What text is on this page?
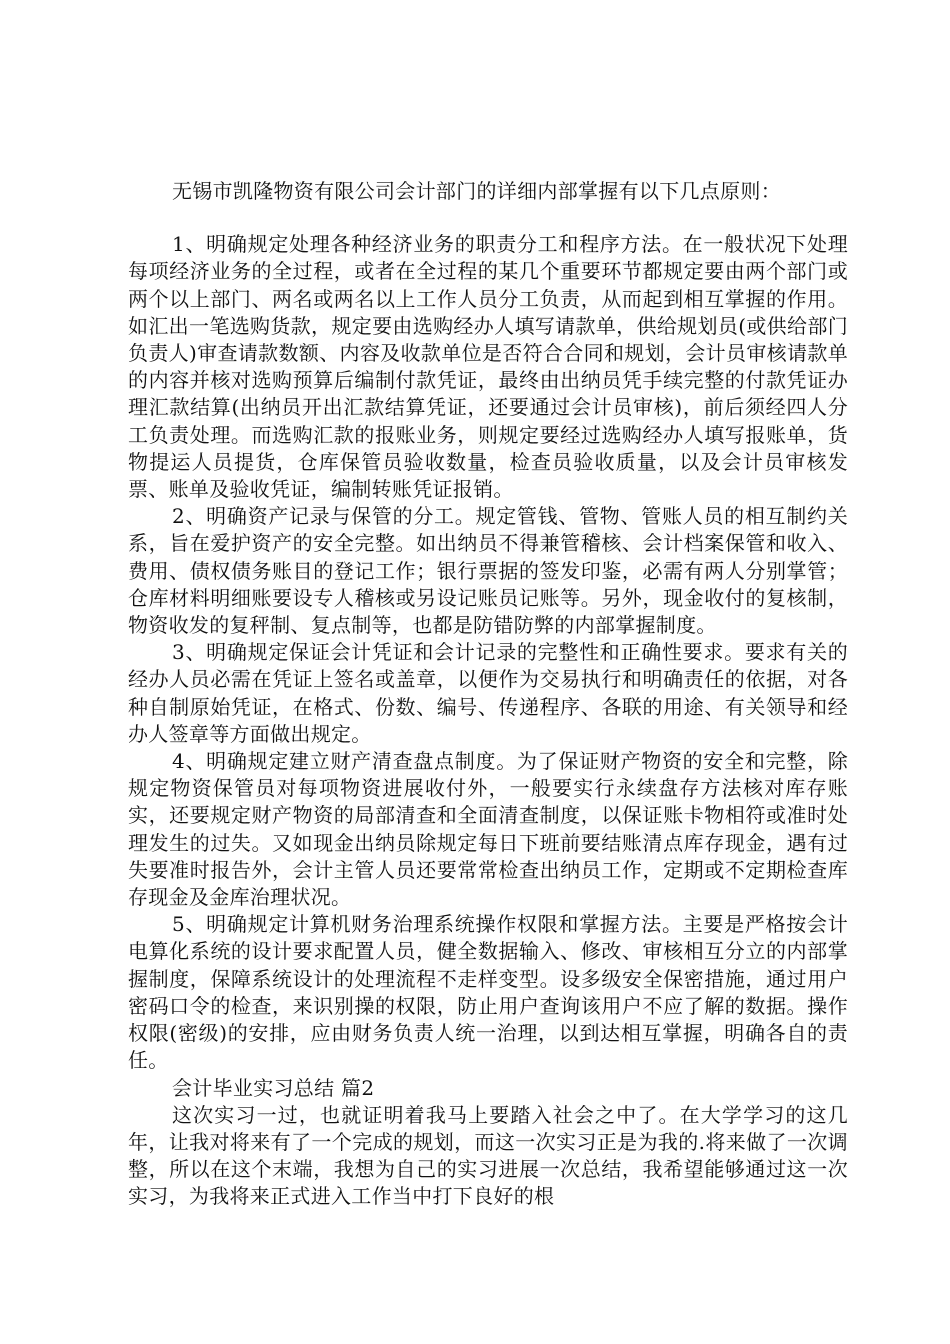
无锡市凯隆物资有限公司会计部门的详细内部掌握有以下几点原则：

1、明确规定处理各种经济业务的职责分工和程序方法。在一般状况下处理每项经济业务的全过程，或者在全过程的某几个重要环节都规定要由两个部门或两个以上部门、两名或两名以上工作人员分工负责，从而起到相互掌握的作用。如汇出一笔选购货款，规定要由选购经办人填写请款单，供给规划员(或供给部门负责人)审查请款数额、内容及收款单位是否符合合同和规划，会计员审核请款单的内容并核对选购预算后编制付款凭证，最终由出纳员凭手续完整的付款凭证办理汇款结算(出纳员开出汇款结算凭证，还要通过会计员审核)，前后须经四人分工负责处理。而选购汇款的报账业务，则规定要经过选购经办人填写报账单，货物提运人员提货，仓库保管员验收数量，检查员验收质量，以及会计员审核发票、账单及验收凭证，编制转账凭证报销。

2、明确资产记录与保管的分工。规定管钱、管物、管账人员的相互制约关系，旨在爱护资产的安全完整。如出纳员不得兼管稽核、会计档案保管和收入、费用、债权债务账目的登记工作；银行票据的签发印鉴，必需有两人分别掌管；仓库材料明细账要设专人稽核或另设记账员记账等。另外，现金收付的复核制，物资收发的复秤制、复点制等，也都是防错防弊的内部掌握制度。

3、明确规定保证会计凭证和会计记录的完整性和正确性要求。要求有关的经办人员必需在凭证上签名或盖章，以便作为交易执行和明确责任的依据，对各种自制原始凭证，在格式、份数、编号、传递程序、各联的用途、有关领导和经办人签章等方面做出规定。

4、明确规定建立财产清查盘点制度。为了保证财产物资的安全和完整，除规定物资保管员对每项物资进展收付外，一般要实行永续盘存方法核对库存账实，还要规定财产物资的局部清查和全面清查制度，以保证账卡物相符或准时处理发生的过失。又如现金出纳员除规定每日下班前要结账清点库存现金，遇有过失要准时报告外，会计主管人员还要常常检查出纳员工作，定期或不定期检查库存现金及金库治理状况。

5、明确规定计算机财务治理系统操作权限和掌握方法。主要是严格按会计电算化系统的设计要求配置人员，健全数据输入、修改、审核相互分立的内部掌握制度，保障系统设计的处理流程不走样变型。设多级安全保密措施，通过用户密码口令的检查，来识别操的权限，防止用户查询该用户不应了解的数据。操作权限(密级)的安排，应由财务负责人统一治理，以到达相互掌握，明确各自的责任。

会计毕业实习总结 篇2

这次实习一过，也就证明着我马上要踏入社会之中了。在大学学习的这几年，让我对将来有了一个完成的规划，而这一次实习正是为我的.将来做了一次调整，所以在这个末端，我想为自己的实习进展一次总结，我希望能够通过这一次实习，为我将来正式进入工作当中打下良好的根
